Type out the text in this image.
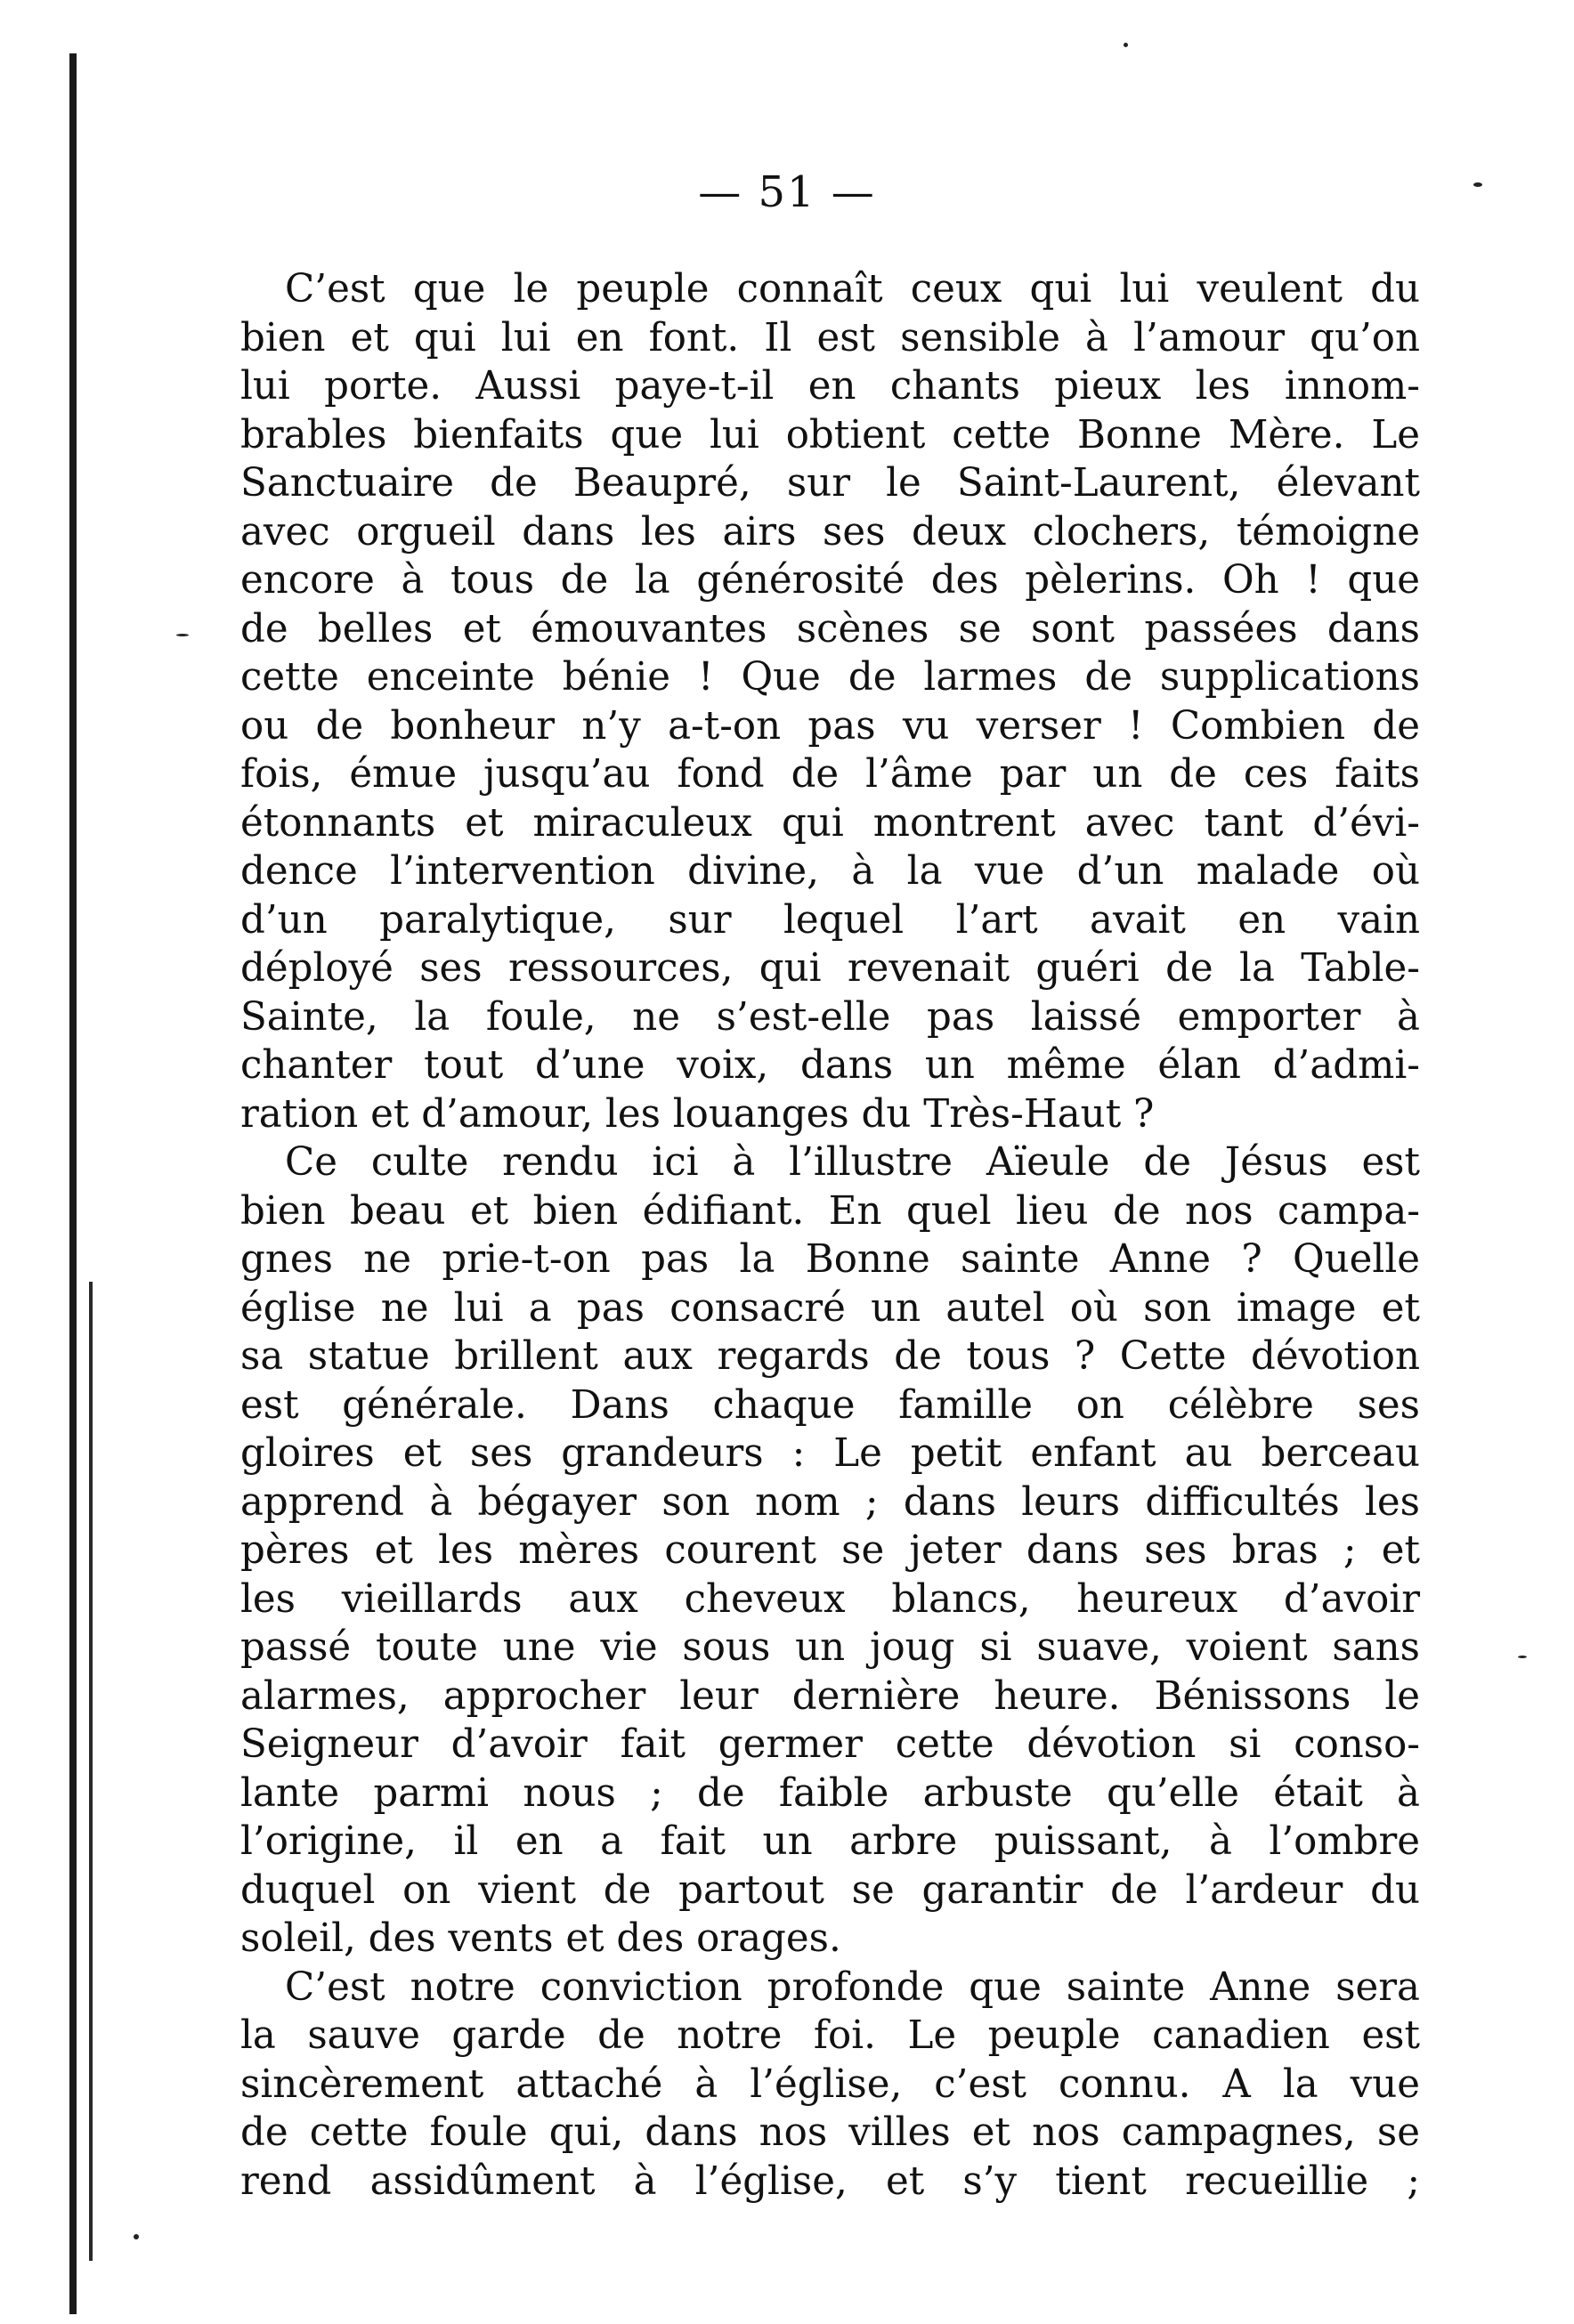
— 51 —
C’est que le peuple connaît ceux qui lui veulent du
bien et qui lui en font. Il est sensible à l’amour qu’on
lui porte. Aussi paye-t-il en chants pieux les innom-
brables bienfaits que lui obtient cette Bonne Mère. Le
Sanctuaire de Beaupré, sur le Saint-Laurent, élevant
avec orgueil dans les airs ses deux clochers, témoigne
encore à tous de la générosité des pèlerins. Oh ! que
de belles et émouvantes scènes se sont passées dans
cette enceinte bénie ! Que de larmes de supplications
ou de bonheur n’y a-t-on pas vu verser ! Combien de
fois, émue jusqu’au fond de l’âme par un de ces faits
étonnants et miraculeux qui montrent avec tant d’évi-
dence l’intervention divine, à la vue d’un malade où
d’un paralytique, sur lequel l’art avait en vain
déployé ses ressources, qui revenait guéri de la Table-
Sainte, la foule, ne s’est-elle pas laissé emporter à
chanter tout d’une voix, dans un même élan d’admi-
ration et d’amour, les louanges du Très-Haut ?
Ce culte rendu ici à l’illustre Aïeule de Jésus est
bien beau et bien édifiant. En quel lieu de nos campa-
gnes ne prie-t-on pas la Bonne sainte Anne ? Quelle
église ne lui a pas consacré un autel où son image et
sa statue brillent aux regards de tous ? Cette dévotion
est générale. Dans chaque famille on célèbre ses
gloires et ses grandeurs : Le petit enfant au berceau
apprend à bégayer son nom ; dans leurs difficultés les
pères et les mères courent se jeter dans ses bras ; et
les vieillards aux cheveux blancs, heureux d’avoir
passé toute une vie sous un joug si suave, voient sans
alarmes, approcher leur dernière heure. Bénissons le
Seigneur d’avoir fait germer cette dévotion si conso-
lante parmi nous ; de faible arbuste qu’elle était à
l’origine, il en a fait un arbre puissant, à l’ombre
duquel on vient de partout se garantir de l’ardeur du
soleil, des vents et des orages.
C’est notre conviction profonde que sainte Anne sera
la sauve garde de notre foi. Le peuple canadien est
sincèrement attaché à l’église, c’est connu. A la vue
de cette foule qui, dans nos villes et nos campagnes, se
rend assidûment à l’église, et s’y tient recueillie ;
